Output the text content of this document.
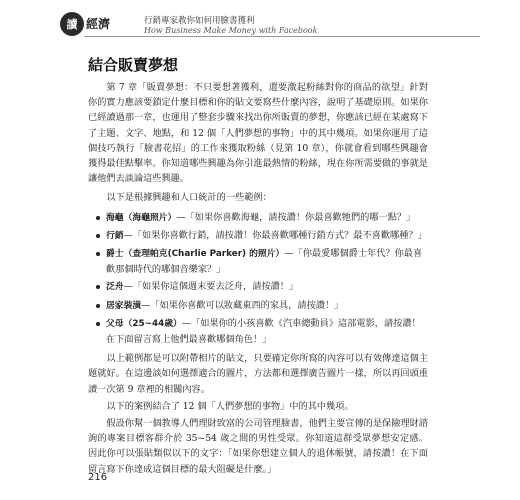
讀 經濟	行銷專家教你如何用臉書獲利
How Business Make Money with Facebook
結合販賣夢想

第 7 章「販賣夢想：不只要想著獲利，還要激起粉絲對你的商品的欲望」針對你的實力應該要鎖定什麼目標和你的貼文要寫些什麼內容，說明了基礎原則。如果你已經讀過那一章，也運用了整套步驟來找出你所販賣的夢想，你應該已經在某處寫下了主題、文字、地點，和 12 個「人們夢想的事物」中的其中幾項。如果你運用了這個技巧執行「臉書花招」的工作來獲取粉絲（見第 10 章），你就會看到哪些興趣會獲得最佳點擊率。你知道哪些興趣為你引進最熱情的粉絲，現在你所需要做的事就是讓他們去談論這些興趣。

以下是根據興趣和人口統計的一些範例：

海龜（海龜照片）—「如果你喜歡海龜，請按讚！你最喜歡牠們的哪一點？」
行銷—「如果你喜歡行銷，請按讚！你最喜歡哪種行銷方式？最不喜歡哪種？」
爵士（查理帕克(Charlie Parker) 的照片）—「你最愛哪個爵士年代？你最喜歡那個時代的哪個音樂家？」
泛舟—「如果你這個週末要去泛舟，請按讚！」
居家裝潢—「如果你喜歡可以妝藏東西的家具，請按讚！」
父母（25~44歲）—「如果你的小孩喜歡《汽車總動員》這部電影，請按讚！在下面留言寫上他們最喜歡哪個角色！」

以上範例都是可以附帶相片的貼文，只要確定你所寫的內容可以有效傳達這個主題就好。在這邊談如何選擇適合的圖片，方法都和選擇廣告圖片一樣，所以再回頭重讀一次第 9 章裡的相關內容。

以下的案例結合了 12 個「人們夢想的事物」中的其中幾項。

假設你幫一個教導人們理財致富的公司管理臉書，他們主要宣傳的是保險理財諮詢的專案目標客群介於 35~54 歲之間的男性受眾。你知道這群受眾夢想安定感。因此你可以張貼類似以下的文字：「如果你想建立個人的退休帳號，請按讚！在下面留言寫下你達成這個目標的最大阻礙是什麼。」

216
